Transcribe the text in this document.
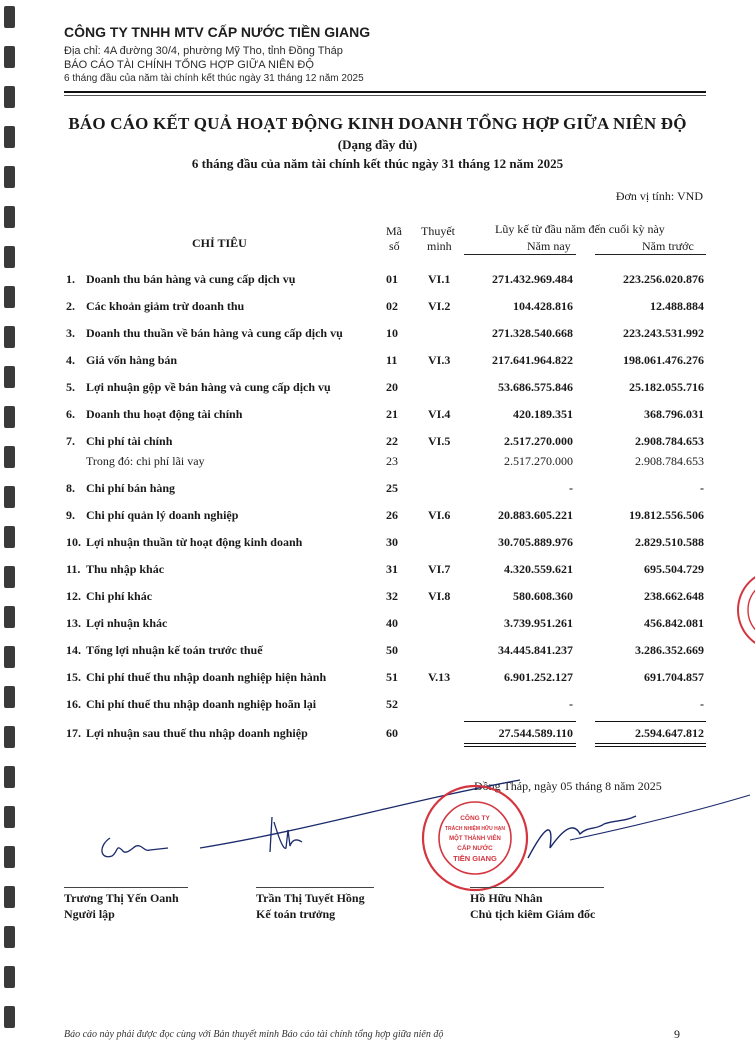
CÔNG TY TNHH MTV CẤP NƯỚC TIỀN GIANG
Địa chỉ: 4A đường 30/4, phường Mỹ Tho, tỉnh Đồng Tháp
BÁO CÁO TÀI CHÍNH TỔNG HỢP GIỮA NIÊN ĐỘ
6 tháng đầu của năm tài chính kết thúc ngày 31 tháng 12 năm 2025
BÁO CÁO KẾT QUẢ HOẠT ĐỘNG KINH DOANH TỔNG HỢP GIỮA NIÊN ĐỘ
(Dạng đầy đủ)
6 tháng đầu của năm tài chính kết thúc ngày 31 tháng 12 năm 2025
Đơn vị tính: VND
CHỈ TIÊU
Mã
số
Thuyết
minh
Lũy kế từ đầu năm đến cuối kỳ này
Năm nay	Năm trước
1. Doanh thu bán hàng và cung cấp dịch vụ	01	VI.1	271.432.969.484	223.256.020.876
2. Các khoản giảm trừ doanh thu	02	VI.2	104.428.816	12.488.884
3. Doanh thu thuần về bán hàng và cung cấp dịch vụ	10	271.328.540.668	223.243.531.992
4. Giá vốn hàng bán	11	VI.3	217.641.964.822	198.061.476.276
5. Lợi nhuận gộp về bán hàng và cung cấp dịch vụ	20	53.686.575.846	25.182.055.716
6. Doanh thu hoạt động tài chính	21	VI.4	420.189.351	368.796.031
7. Chi phí tài chính	22	VI.5	2.517.270.000	2.908.784.653
Trong đó: chi phí lãi vay	23	2.517.270.000	2.908.784.653
8. Chi phí bán hàng	25	-	-
9. Chi phí quản lý doanh nghiệp	26	VI.6	20.883.605.221	19.812.556.506
10. Lợi nhuận thuần từ hoạt động kinh doanh	30	30.705.889.976	2.829.510.588
11. Thu nhập khác	31	VI.7	4.320.559.621	695.504.729
12. Chi phí khác	32	VI.8	580.608.360	238.662.648
13. Lợi nhuận khác	40	3.739.951.261	456.842.081
14. Tổng lợi nhuận kế toán trước thuế	50	34.445.841.237	3.286.352.669
15. Chi phí thuế thu nhập doanh nghiệp hiện hành	51	V.13	6.901.252.127	691.704.857
16. Chi phí thuế thu nhập doanh nghiệp hoãn lại	52	-	-
17. Lợi nhuận sau thuế thu nhập doanh nghiệp	60	27.544.589.110	2.594.647.812
Đồng Tháp, ngày 05 tháng 8 năm 2025
CÔNG TY
TRÁCH NHIỆM HỮU HẠN
MỘT THÀNH VIÊN
CẤP NƯỚC
TIỀN GIANG
Trương Thị Yến Oanh
Người lập
Trần Thị Tuyết Hồng
Kế toán trưởng
Hồ Hữu Nhân
Chủ tịch kiêm Giám đốc
Báo cáo này phải được đọc cùng với Bản thuyết minh Báo cáo tài chính tổng hợp giữa niên độ	9
